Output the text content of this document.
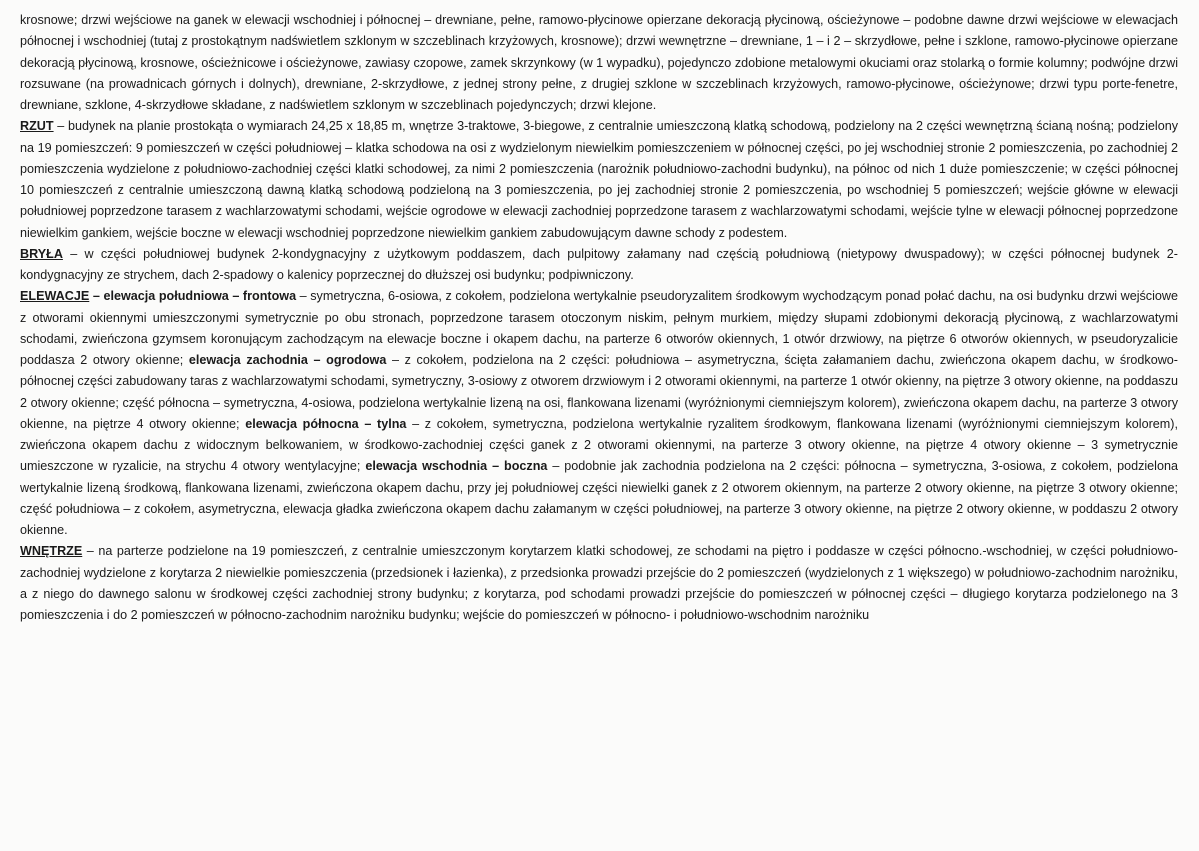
krosnowe; drzwi wejściowe na ganek w elewacji wschodniej i północnej – drewniane, pełne, ramowo-płycinowe opierzane dekoracją płycinową, ościeżynowe – podobne dawne drzwi wejściowe w elewacjach północnej i wschodniej (tutaj z prostokątnym nadświetlem szklonym w szczeblinach krzyżowych, krosnowe); drzwi wewnętrzne – drewniane, 1 – i 2 – skrzydłowe, pełne i szklone, ramowo-płycinowe opierzane dekoracją płycinową, krosnowe, ościeżnicowe i ościeżynowe, zawiasy czopowe, zamek skrzynkowy (w 1 wypadku), pojedynczo zdobione metalowymi okuciami oraz stolarką o formie kolumny; podwójne drzwi rozsuwane (na prowadnicach górnych i dolnych), drewniane, 2-skrzydłowe, z jednej strony pełne, z drugiej szklone w szczeblinach krzyżowych, ramowo-płycinowe, ościeżynowe; drzwi typu porte-fenetre, drewniane, szklone, 4-skrzydłowe składane, z nadświetlem szklonym w szczeblinach pojedynczych; drzwi klejone.

RZUT – budynek na planie prostokąta o wymiarach 24,25 x 18,85 m, wnętrze 3-traktowe, 3-biegowe, z centralnie umieszczoną klatką schodową, podzielony na 2 części wewnętrzną ścianą nośną; podzielony na 19 pomieszczeń: 9 pomieszczeń w części południowej – klatka schodowa na osi z wydzielonym niewielkim pomieszczeniem w północnej części, po jej wschodniej stronie 2 pomieszczenia, po zachodniej 2 pomieszczenia wydzielone z południowo-zachodniej części klatki schodowej, za nimi 2 pomieszczenia (narożnik południowo-zachodni budynku), na północ od nich 1 duże pomieszczenie; w części północnej 10 pomieszczeń z centralnie umieszczoną dawną klatką schodową podzieloną na 3 pomieszczenia, po jej zachodniej stronie 2 pomieszczenia, po wschodniej 5 pomieszczeń; wejście główne w elewacji południowej poprzedzone tarasem z wachlarzowatymi schodami, wejście ogrodowe w elewacji zachodniej poprzedzone tarasem z wachlarzowatymi schodami, wejście tylne w elewacji północnej poprzedzone niewielkim gankiem, wejście boczne w elewacji wschodniej poprzedzone niewielkim gankiem zabudowującym dawne schody z podestem.

BRYŁA – w części południowej budynek 2-kondygnacyjny z użytkowym poddaszem, dach pulpitowy załamany nad częścią południową (nietypowy dwuspadowy); w części północnej budynek 2-kondygnacyjny ze strychem, dach 2-spadowy o kalenicy poprzecznej do dłuższej osi budynku; podpiwniczony.

ELEWACJE – elewacja południowa – frontowa – symetryczna, 6-osiowa, z cokołem, podzielona wertykalnie pseudoryzalitem środkowym wychodzącym ponad połać dachu, na osi budynku drzwi wejściowe z otworami okiennymi umieszczonymi symetrycznie po obu stronach, poprzedzone tarasem otoczonym niskim, pełnym murkiem, między słupami zdobionymi dekoracją płycinową, z wachlarzowatymi schodami, zwieńczona gzymsem koronującym zachodzącym na elewacje boczne i okapem dachu, na parterze 6 otworów okiennych, 1 otwór drzwiowy, na piętrze 6 otworów okiennych, w pseudoryzalicie poddasza 2 otwory okienne; elewacja zachodnia – ogrodowa – z cokołem, podzielona na 2 części: południowa – asymetryczna, ścięta załamaniem dachu, zwieńczona okapem dachu, w środkowo-północnej części zabudowany taras z wachlarzowatymi schodami, symetryczny, 3-osiowy z otworem drzwiowym i 2 otworami okiennymi, na parterze 1 otwór okienny, na piętrze 3 otwory okienne, na poddaszu 2 otwory okienne; część północna – symetryczna, 4-osiowa, podzielona wertykalnie lizeną na osi, flankowana lizenami (wyróżnionymi ciemniejszym kolorem), zwieńczona okapem dachu, na parterze 3 otwory okienne, na piętrze 4 otwory okienne; elewacja północna – tylna – z cokołem, symetryczna, podzielona wertykalnie ryzalitem środkowym, flankowana lizenami (wyróżnionymi ciemniejszym kolorem), zwieńczona okapem dachu z widocznym belkowaniem, w środkowo-zachodniej części ganek z 2 otworami okiennymi, na parterze 3 otwory okienne, na piętrze 4 otwory okienne – 3 symetrycznie umieszczone w ryzalicie, na strychu 4 otwory wentylacyjne; elewacja wschodnia – boczna – podobnie jak zachodnia podzielona na 2 części: północna – symetryczna, 3-osiowa, z cokołem, podzielona wertykalnie lizeną środkową, flankowana lizenami, zwieńczona okapem dachu, przy jej południowej części niewielki ganek z 2 otworem okiennym, na parterze 2 otwory okienne, na piętrze 3 otwory okienne; część południowa – z cokołem, asymetryczna, elewacja gładka zwieńczona okapem dachu załamanym w części południowej, na parterze 3 otwory okienne, na piętrze 2 otwory okienne, w poddaszu 2 otwory okienne.

WNĘTRZE – na parterze podzielone na 19 pomieszczeń, z centralnie umieszczonym korytarzem klatki schodowej, ze schodami na piętro i poddasze w części północno.-wschodniej, w części południowo-zachodniej wydzielone z korytarza 2 niewielkie pomieszczenia (przedsionek i łazienka), z przedsionka prowadzi przejście do 2 pomieszczeń (wydzielonych z 1 większego) w południowo-zachodnim narożniku, a z niego do dawnego salonu w środkowej części zachodniej strony budynku; z korytarza, pod schodami prowadzi przejście do pomieszczeń w północnej części – długiego korytarza podzielonego na 3 pomieszczenia i do 2 pomieszczeń w północno-zachodnim narożniku budynku; wejście do pomieszczeń w północno- i południowo-wschodnim narożniku
